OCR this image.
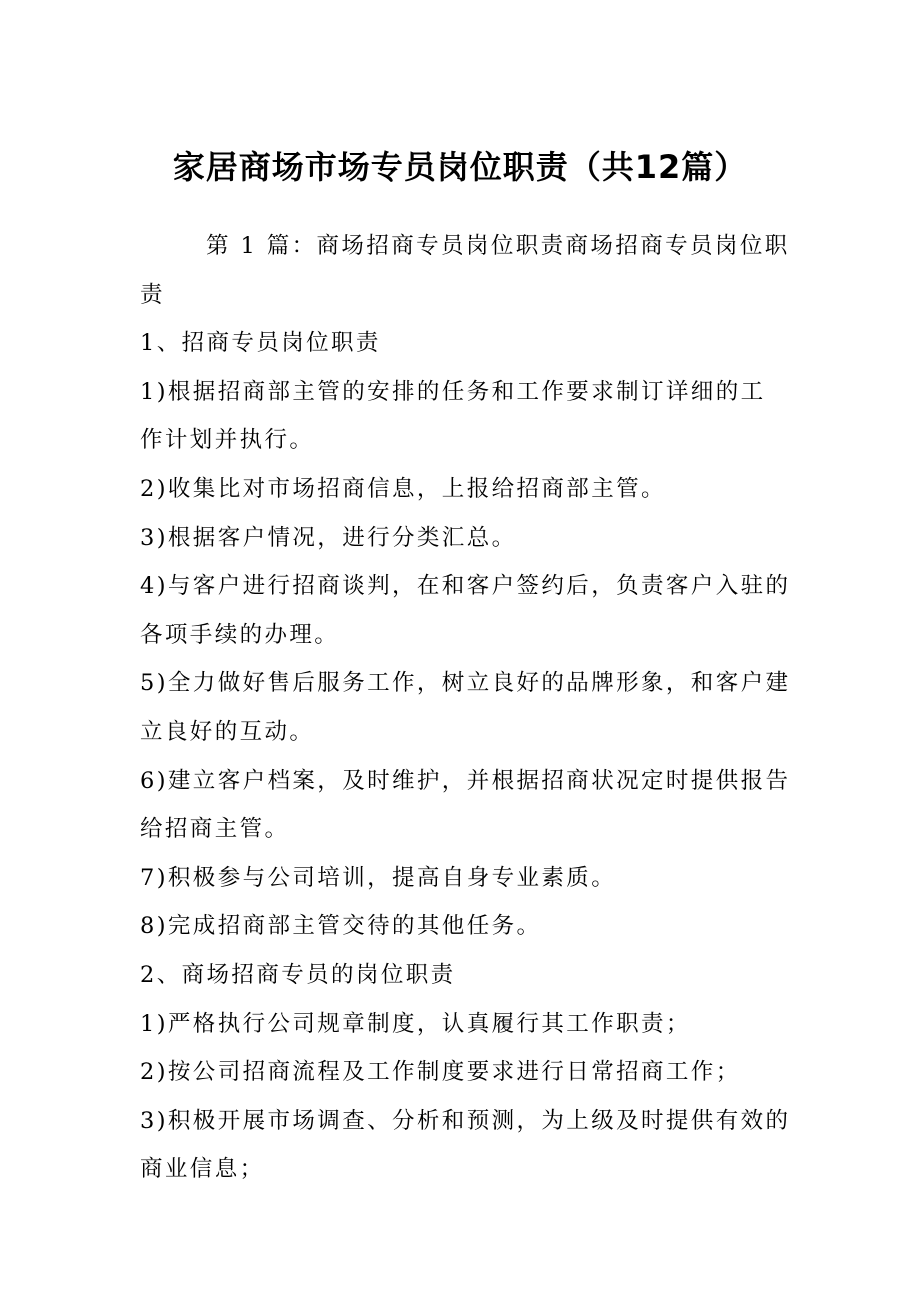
家居商场市场专员岗位职责（共12篇）

第 1 篇：商场招商专员岗位职责商场招商专员岗位职

责

1、招商专员岗位职责

1)根据招商部主管的安排的任务和工作要求制订详细的工

作计划并执行。

2)收集比对市场招商信息，上报给招商部主管。

3)根据客户情况，进行分类汇总。

4)与客户进行招商谈判，在和客户签约后，负责客户入驻的

各项手续的办理。

5)全力做好售后服务工作，树立良好的品牌形象，和客户建

立良好的互动。

6)建立客户档案，及时维护，并根据招商状况定时提供报告

给招商主管。

7)积极参与公司培训，提高自身专业素质。

8)完成招商部主管交待的其他任务。

2、商场招商专员的岗位职责

1)严格执行公司规章制度，认真履行其工作职责；

2)按公司招商流程及工作制度要求进行日常招商工作；

3)积极开展市场调查、分析和预测，为上级及时提供有效的

商业信息；
